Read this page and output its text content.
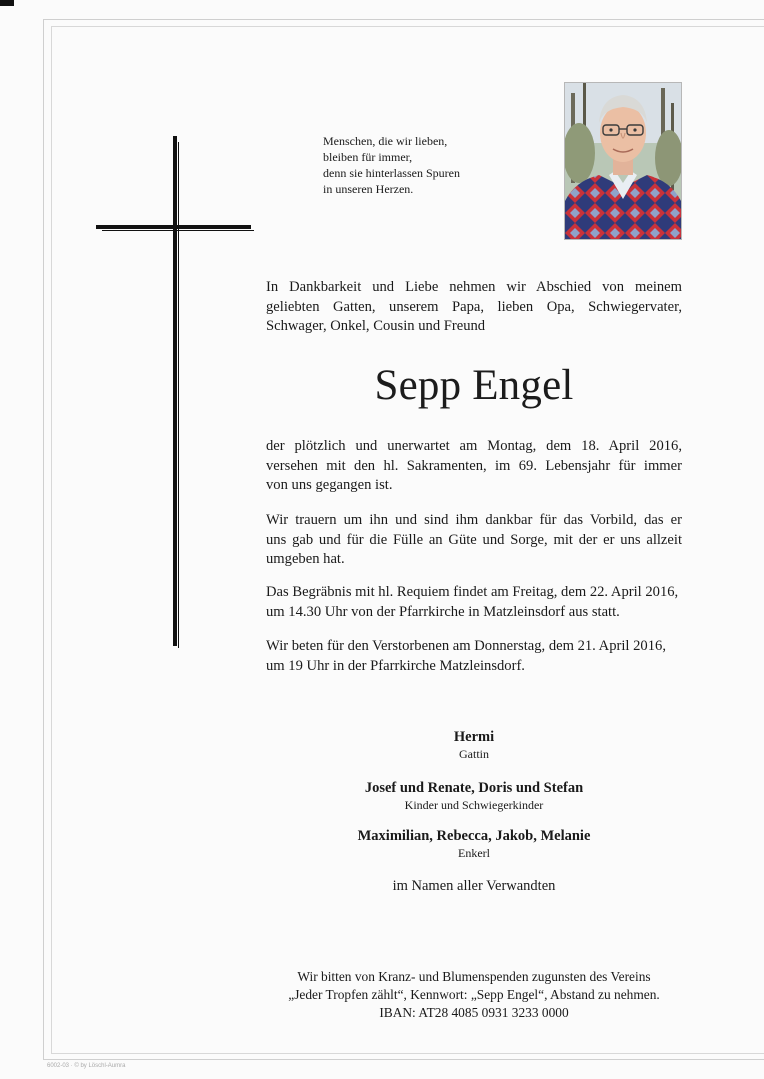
Menschen, die wir lieben,
bleiben für immer,
denn sie hinterlassen Spuren
in unseren Herzen.
In Dankbarkeit und Liebe nehmen wir Abschied von meinem
geliebten Gatten, unserem Papa, lieben Opa, Schwiegervater,
Schwager, Onkel, Cousin und Freund
Sepp Engel
der plötzlich und unerwartet am Montag, dem 18. April 2016,
versehen mit den hl. Sakramenten, im 69. Lebensjahr für immer
von uns gegangen ist.
Wir trauern um ihn und sind ihm dankbar für das Vorbild, das er
uns gab und für die Fülle an Güte und Sorge, mit der er uns allzeit
umgeben hat.
Das Begräbnis mit hl. Requiem findet am Freitag, dem 22. April 2016,
um 14.30 Uhr von der Pfarrkirche in Matzleinsdorf aus statt.
Wir beten für den Verstorbenen am Donnerstag, dem 21. April 2016,
um 19 Uhr in der Pfarrkirche Matzleinsdorf.
Hermi
Gattin
Josef und Renate, Doris und Stefan
Kinder und Schwiegerkinder
Maximilian, Rebecca, Jakob, Melanie
Enkerl
im Namen aller Verwandten
Wir bitten von Kranz- und Blumenspenden zugunsten des Vereins
„Jeder Tropfen zählt“, Kennwort: „Sepp Engel“, Abstand zu nehmen.
IBAN: AT28 4085 0931 3233 0000
6002-03 · © by Löschl-Aumra
